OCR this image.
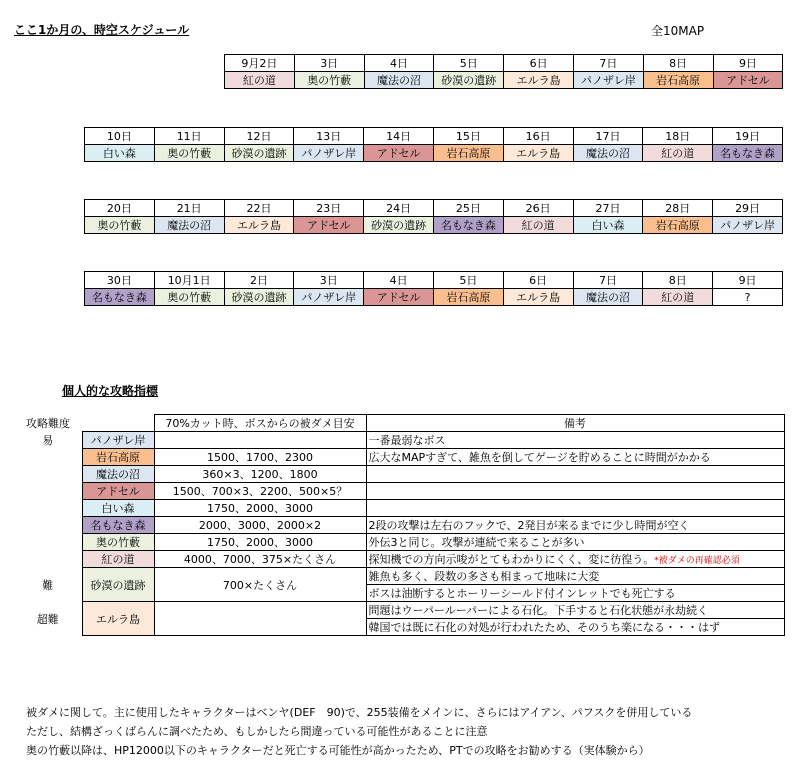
ここ1か月の、時空スケジュール	全10MAP
9月2日	3日	4日	5日	6日	7日	8日	9日
紅の道	奥の竹藪	魔法の沼	砂漠の遺跡	エルラ島	パノザレ岸	岩石高原	アドセル
10日	11日	12日	13日	14日	15日	16日	17日	18日	19日
白い森	奥の竹藪	砂漠の遺跡	パノザレ岸	アドセル	岩石高原	エルラ島	魔法の沼	紅の道	名もなき森
20日	21日	22日	23日	24日	25日	26日	27日	28日	29日
奥の竹藪	魔法の沼	エルラ島	アドセル	砂漠の遺跡	名もなき森	紅の道	白い森	岩石高原	パノザレ岸
30日	10月1日	2日	3日	4日	5日	6日	7日	8日	9日
名もなき森	奥の竹藪	砂漠の遺跡	パノザレ岸	アドセル	岩石高原	エルラ島	魔法の沼	紅の道	?
個人的な攻略指標
攻略難度		70%カット時、ボスからの被ダメ目安	備考
易	パノザレ岸		一番最弱なボス
	岩石高原	1500、1700、2300	広大なMAPすぎて、雑魚を倒してゲージを貯めることに時間がかかる
	魔法の沼	360×3、1200、1800	
	アドセル	1500、700×3、2200、500×5？	
	白い森	1750、2000、3000	
	名もなき森	2000、3000、2000×2	2段の攻撃は左右のフックで、2発目が来るまでに少し時間が空く
	奥の竹藪	1750、2000、3000	外伝3と同じ。攻撃が連続で来ることが多い
	紅の道	4000、7000、375×たくさん	探知機での方向示唆がとてもわかりにくく、変に彷徨う。*被ダメの再確認必須
難	砂漠の遺跡	700×たくさん	雑魚も多く、段数の多さも相まって地味に大変
			ボスは油断するとホーリーシールド付インレットでも死亡する
超難	エルラ島		問題はウーパールーパーによる石化。下手すると石化状態が永劫続く
			韓国では既に石化の対処が行われたため、そのうち楽になる・・・はず
被ダメに関して。主に使用したキャラクターはベンヤ(DEF　90)で、255装備をメインに、さらにはアイアン、パフスクを併用している
ただし、結構ざっくばらんに調べたため、もしかしたら間違っている可能性があることに注意
奥の竹藪以降は、HP12000以下のキャラクターだと死亡する可能性が高かったため、PTでの攻略をお勧めする（実体験から）
